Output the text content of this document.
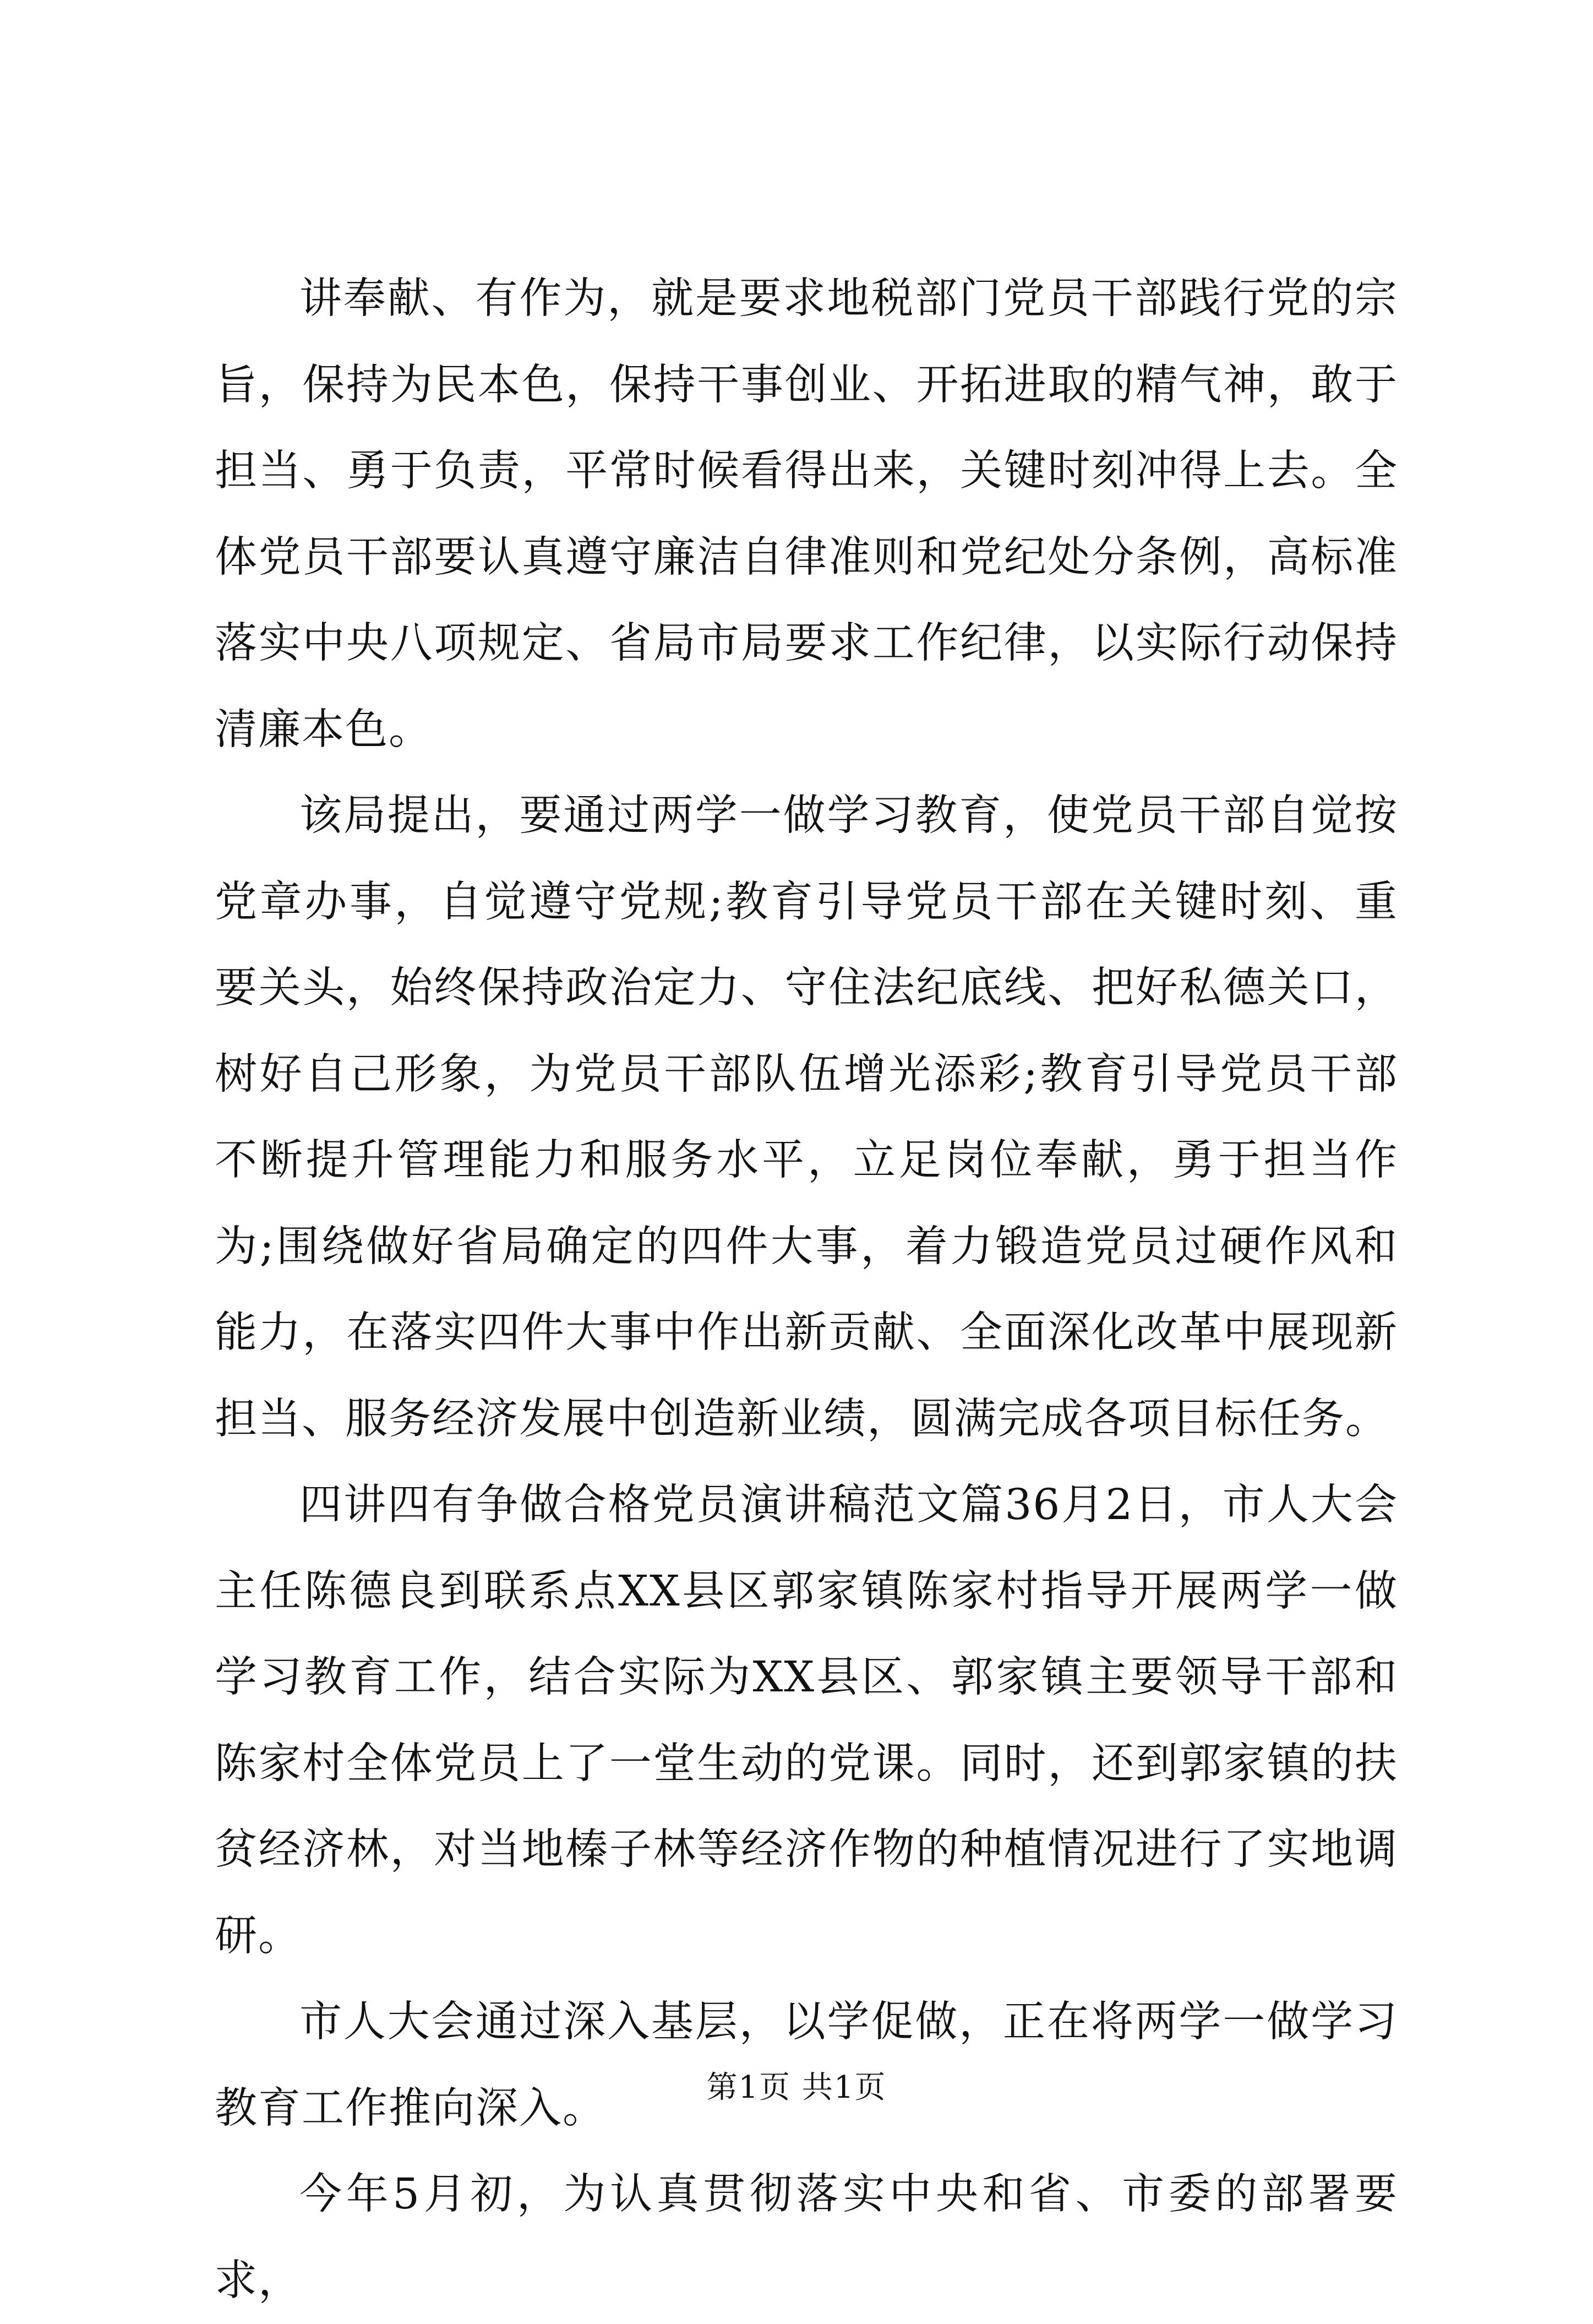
讲奉献、有作为，就是要求地税部门党员干部践行党的宗旨，保持为民本色，保持干事创业、开拓进取的精气神，敢于担当、勇于负责，平常时候看得出来，关键时刻冲得上去。全体党员干部要认真遵守廉洁自律准则和党纪处分条例，高标准落实中央八项规定、省局市局要求工作纪律，以实际行动保持清廉本色。

该局提出，要通过两学一做学习教育，使党员干部自觉按党章办事，自觉遵守党规;教育引导党员干部在关键时刻、重要关头，始终保持政治定力、守住法纪底线、把好私德关口，树好自己形象，为党员干部队伍增光添彩;教育引导党员干部不断提升管理能力和服务水平，立足岗位奉献，勇于担当作为;围绕做好省局确定的四件大事，着力锻造党员过硬作风和能力，在落实四件大事中作出新贡献、全面深化改革中展现新担当、服务经济发展中创造新业绩，圆满完成各项目标任务。

四讲四有争做合格党员演讲稿范文篇36月2日，市人大会主任陈德良到联系点XX县区郭家镇陈家村指导开展两学一做学习教育工作，结合实际为XX县区、郭家镇主要领导干部和陈家村全体党员上了一堂生动的党课。同时，还到郭家镇的扶贫经济林，对当地榛子林等经济作物的种植情况进行了实地调研。

市人大会通过深入基层，以学促做，正在将两学一做学习教育工作推向深入。

今年5月初，为认真贯彻落实中央和省、市委的部署要求，

第1页 共1页
